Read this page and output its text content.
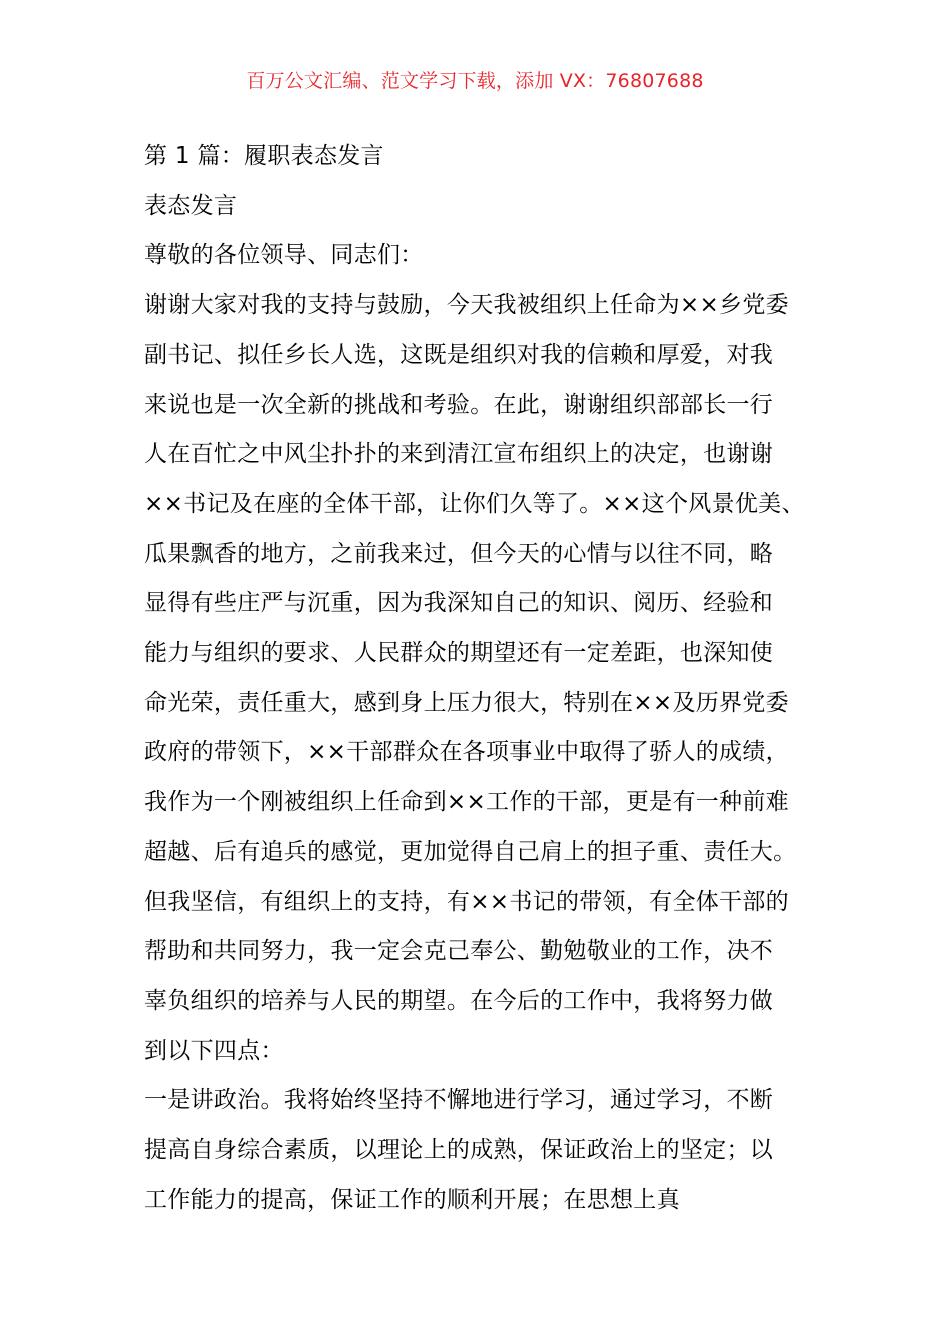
百万公文汇编、范文学习下载，添加 VX：76807688
第 1 篇：履职表态发言
表态发言
尊敬的各位领导、同志们：
谢谢大家对我的支持与鼓励，今天我被组织上任命为××乡党委
副书记、拟任乡长人选，这既是组织对我的信赖和厚爱，对我
来说也是一次全新的挑战和考验。在此，谢谢组织部部长一行
人在百忙之中风尘扑扑的来到清江宣布组织上的决定，也谢谢
××书记及在座的全体干部，让你们久等了。××这个风景优美、
瓜果飘香的地方，之前我来过，但今天的心情与以往不同，略
显得有些庄严与沉重，因为我深知自己的知识、阅历、经验和
能力与组织的要求、人民群众的期望还有一定差距，也深知使
命光荣，责任重大，感到身上压力很大，特别在××及历界党委
政府的带领下，××干部群众在各项事业中取得了骄人的成绩，
我作为一个刚被组织上任命到××工作的干部，更是有一种前难
超越、后有追兵的感觉，更加觉得自己肩上的担子重、责任大。
但我坚信，有组织上的支持，有××书记的带领，有全体干部的
帮助和共同努力，我一定会克己奉公、勤勉敬业的工作，决不
辜负组织的培养与人民的期望。在今后的工作中，我将努力做
到以下四点：
一是讲政治。我将始终坚持不懈地进行学习，通过学习，不断
提高自身综合素质，以理论上的成熟，保证政治上的坚定；以
工作能力的提高，保证工作的顺利开展；在思想上真
